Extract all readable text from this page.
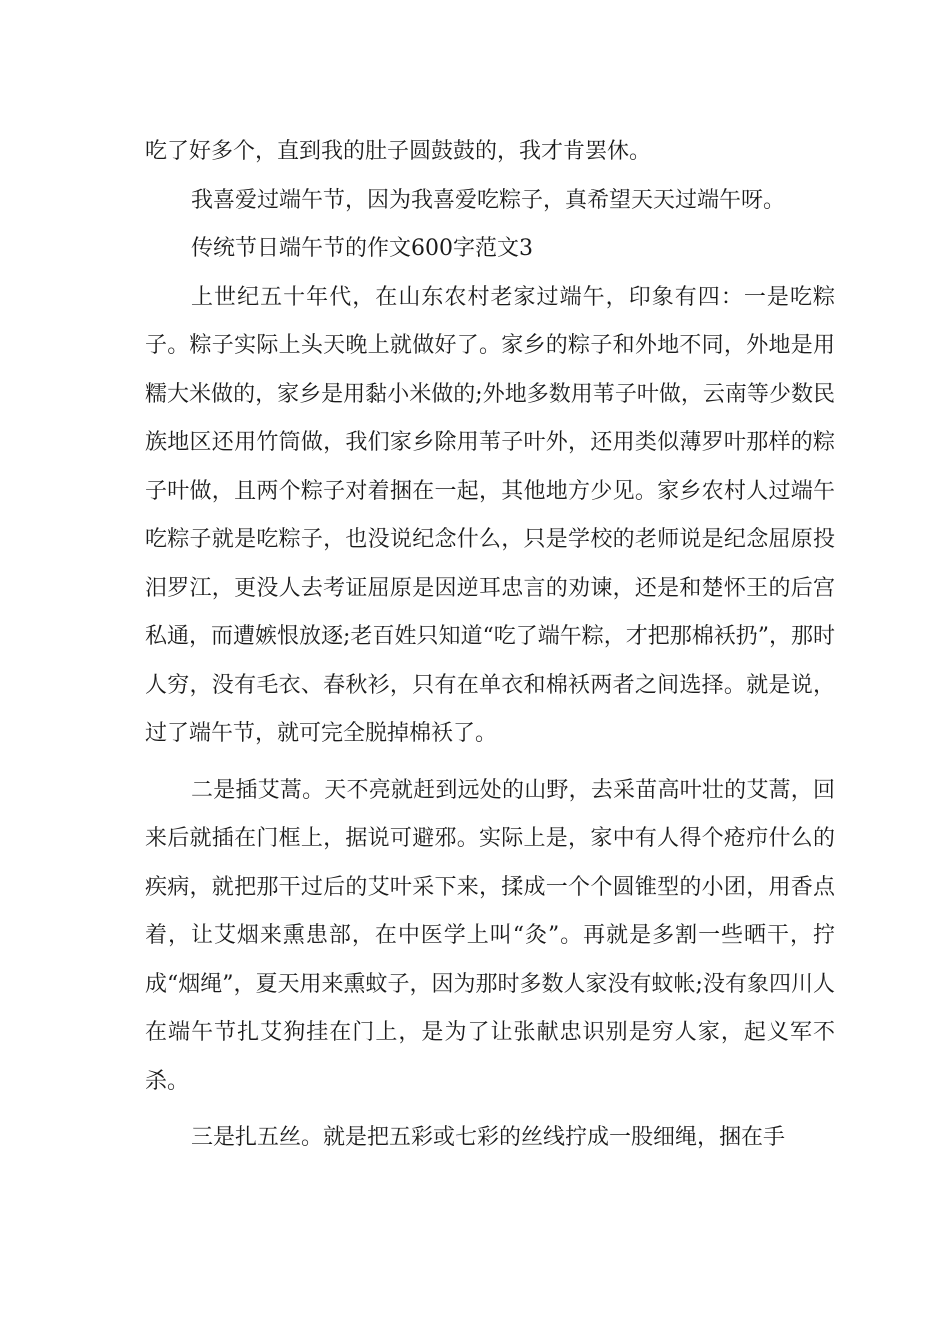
吃了好多个，直到我的肚子圆鼓鼓的，我才肯罢休。

我喜爱过端午节，因为我喜爱吃粽子，真希望天天过端午呀。

传统节日端午节的作文600字范文3

上世纪五十年代，在山东农村老家过端午，印象有四：一是吃粽子。粽子实际上头天晚上就做好了。家乡的粽子和外地不同，外地是用糯大米做的，家乡是用黏小米做的;外地多数用苇子叶做，云南等少数民族地区还用竹筒做，我们家乡除用苇子叶外，还用类似薄罗叶那样的粽子叶做，且两个粽子对着捆在一起，其他地方少见。家乡农村人过端午吃粽子就是吃粽子，也没说纪念什么，只是学校的老师说是纪念屈原投汨罗江，更没人去考证屈原是因逆耳忠言的劝谏，还是和楚怀王的后宫私通，而遭嫉恨放逐;老百姓只知道“吃了端午粽，才把那棉袄扔”，那时人穷，没有毛衣、春秋衫，只有在单衣和棉袄两者之间选择。就是说，过了端午节，就可完全脱掉棉袄了。

二是插艾蒿。天不亮就赶到远处的山野，去采苗高叶壮的艾蒿，回来后就插在门框上，据说可避邪。实际上是，家中有人得个疮疖什么的疾病，就把那干过后的艾叶采下来，揉成一个个圆锥型的小团，用香点着，让艾烟来熏患部，在中医学上叫“灸”。再就是多割一些晒干，拧成“烟绳”，夏天用来熏蚊子，因为那时多数人家没有蚊帐;没有象四川人在端午节扎艾狗挂在门上，是为了让张献忠识别是穷人家，起义军不杀。

三是扎五丝。就是把五彩或七彩的丝线拧成一股细绳，捆在手
